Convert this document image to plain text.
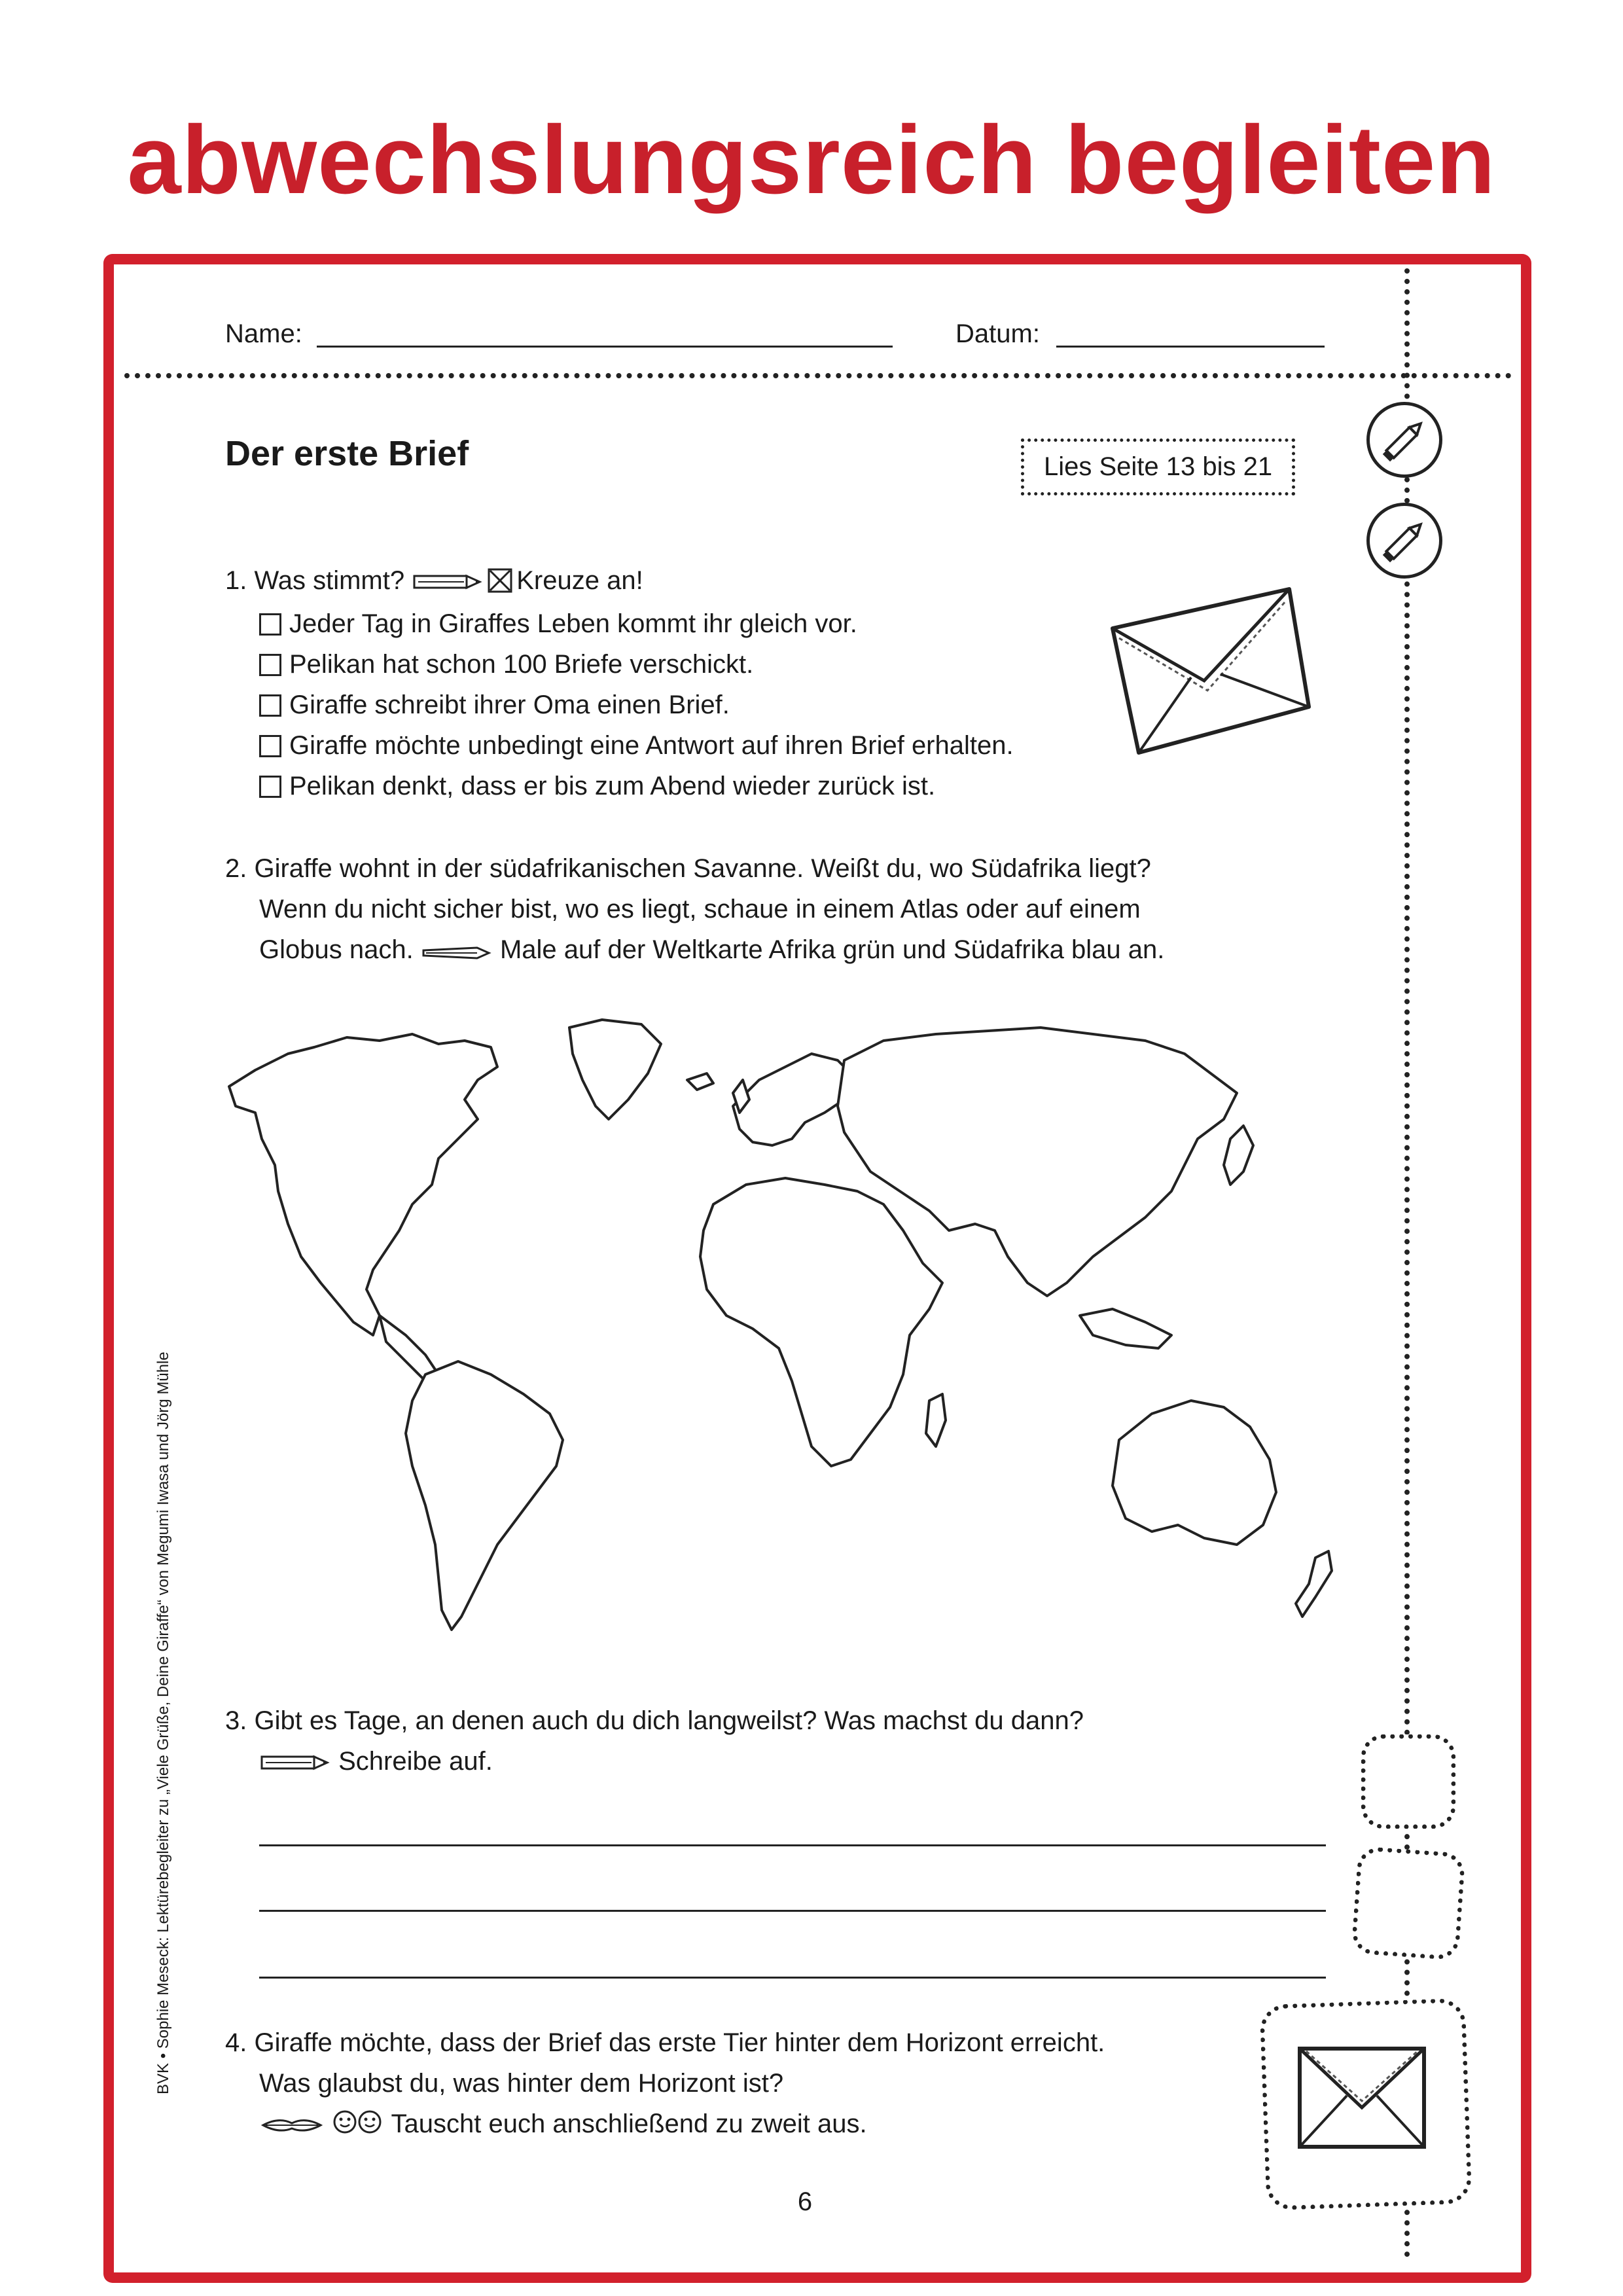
abwechslungsreich begleiten
Name:	Datum:
Der erste Brief	Lies Seite 13 bis 21
1. Was stimmt?	Kreuze an!
Jeder Tag in Giraffes Leben kommt ihr gleich vor.
Pelikan hat schon 100 Briefe verschickt.
Giraffe schreibt ihrer Oma einen Brief.
Giraffe möchte unbedingt eine Antwort auf ihren Brief erhalten.
Pelikan denkt, dass er bis zum Abend wieder zurück ist.
2. Giraffe wohnt in der südafrikanischen Savanne. Weißt du, wo Südafrika liegt?
Wenn du nicht sicher bist, wo es liegt, schaue in einem Atlas oder auf einem
Globus nach.	Male auf der Weltkarte Afrika grün und Südafrika blau an.
3. Gibt es Tage, an denen auch du dich langweilst? Was machst du dann?
Schreibe auf.
4. Giraffe möchte, dass der Brief das erste Tier hinter dem Horizont erreicht.
Was glaubst du, was hinter dem Horizont ist?
Tauscht euch anschließend zu zweit aus.
6
BVK • Sophie Meseck: Lektürebegleiter zu „Viele Grüße, Deine Giraffe“ von Megumi Iwasa und Jörg Mühle
